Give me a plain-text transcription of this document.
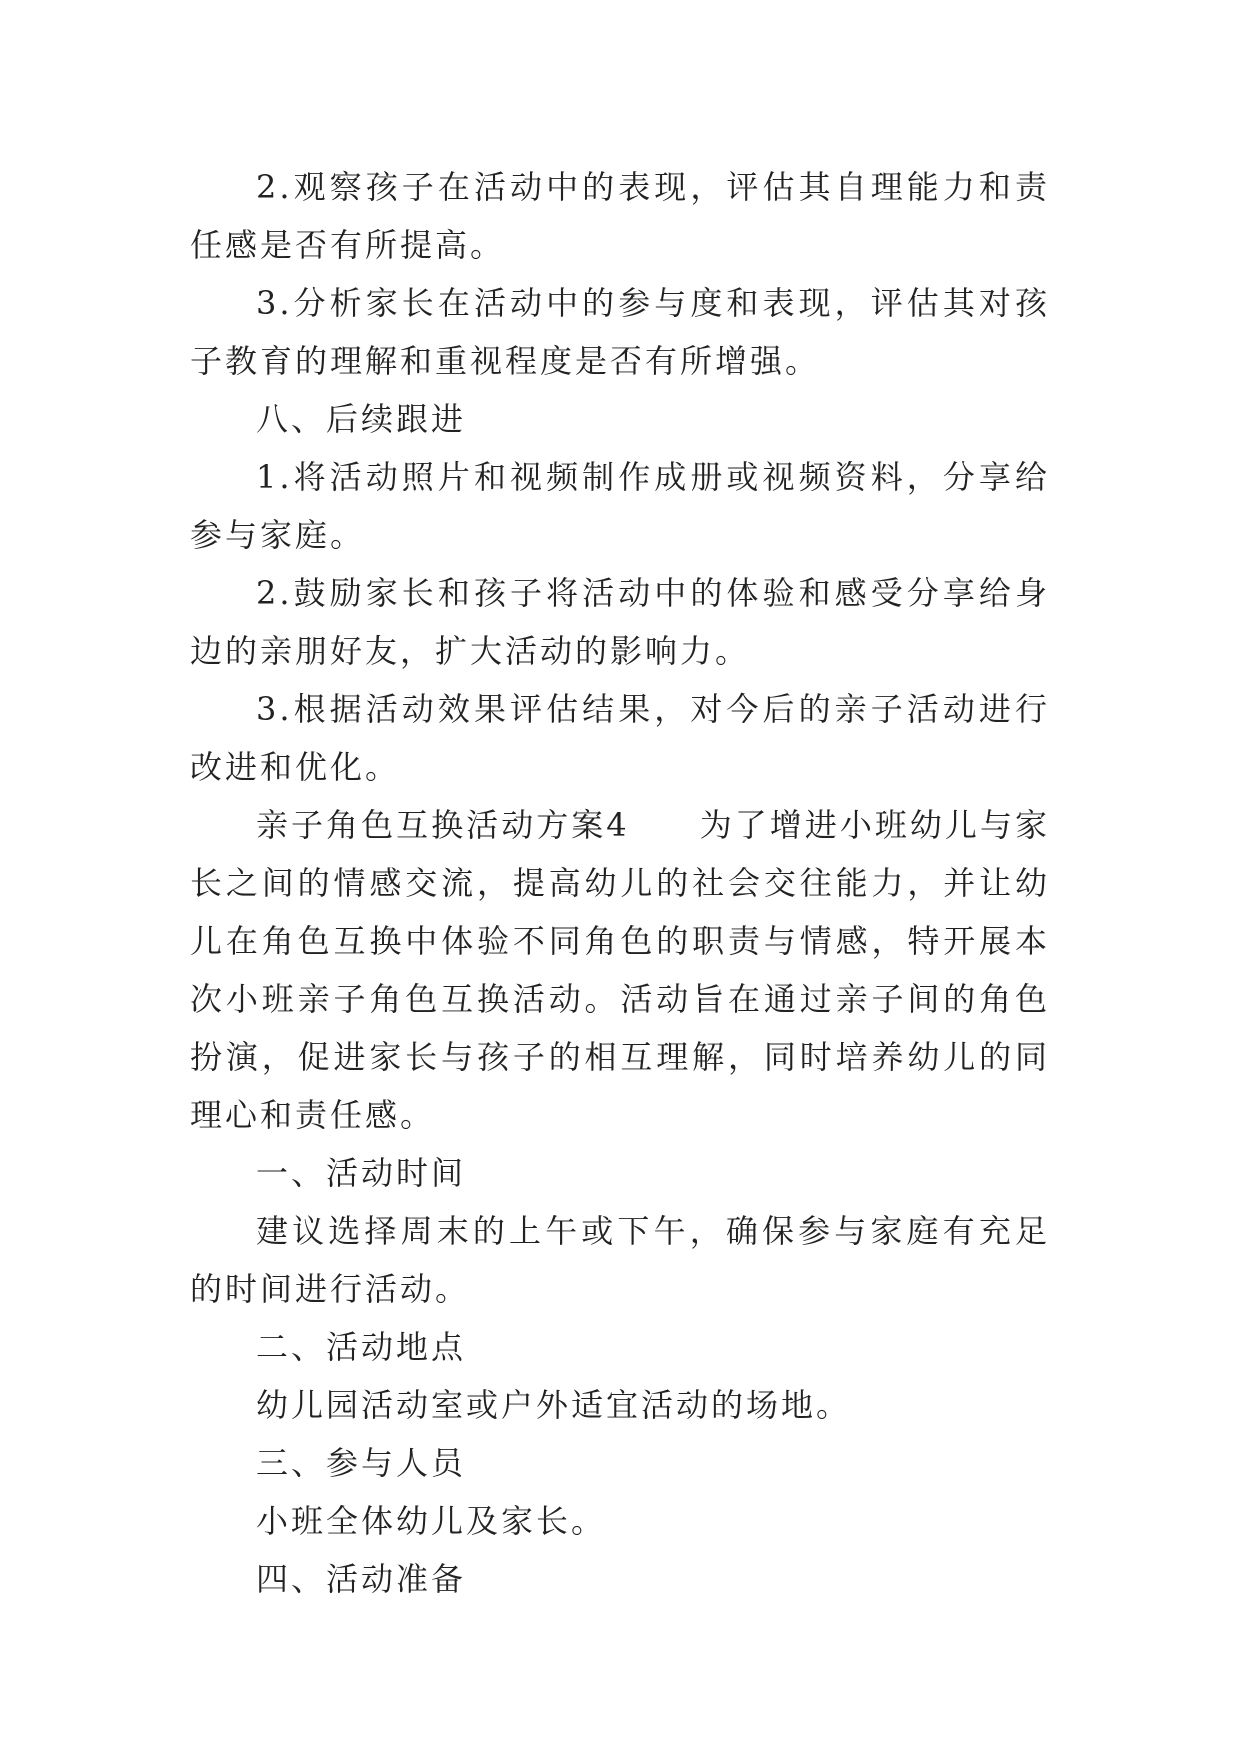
2.观察孩子在活动中的表现，评估其自理能力和责任感是否有所提高。

3.分析家长在活动中的参与度和表现，评估其对孩子教育的理解和重视程度是否有所增强。

八、后续跟进

1.将活动照片和视频制作成册或视频资料，分享给参与家庭。

2.鼓励家长和孩子将活动中的体验和感受分享给身边的亲朋好友，扩大活动的影响力。

3.根据活动效果评估结果，对今后的亲子活动进行改进和优化。

亲子角色互换活动方案4　　为了增进小班幼儿与家长之间的情感交流，提高幼儿的社会交往能力，并让幼儿在角色互换中体验不同角色的职责与情感，特开展本次小班亲子角色互换活动。活动旨在通过亲子间的角色扮演，促进家长与孩子的相互理解，同时培养幼儿的同理心和责任感。

一、活动时间

建议选择周末的上午或下午，确保参与家庭有充足的时间进行活动。

二、活动地点

幼儿园活动室或户外适宜活动的场地。

三、参与人员

小班全体幼儿及家长。

四、活动准备
